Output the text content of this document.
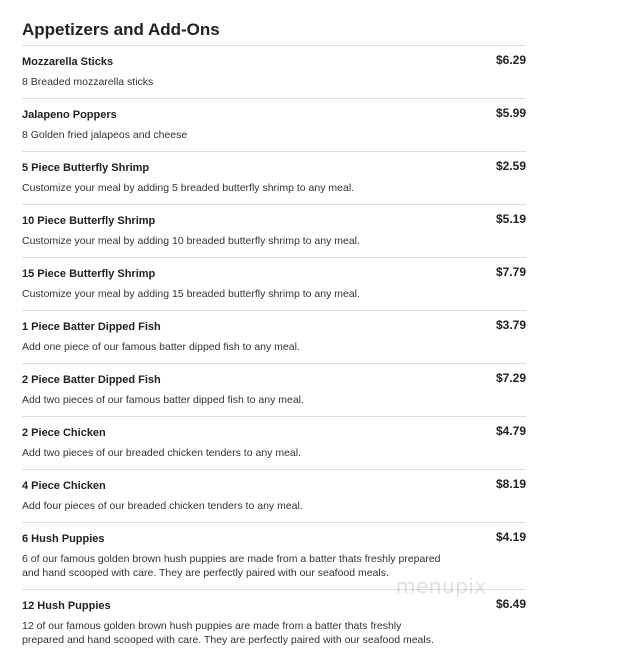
Appetizers and Add-Ons
Mozzarella Sticks	$6.29
8 Breaded mozzarella sticks
Jalapeno Poppers	$5.99
8 Golden fried jalapeos and cheese
5 Piece Butterfly Shrimp	$2.59
Customize your meal by adding 5 breaded butterfly shrimp to any meal.
10 Piece Butterfly Shrimp	$5.19
Customize your meal by adding 10 breaded butterfly shrimp to any meal.
15 Piece Butterfly Shrimp	$7.79
Customize your meal by adding 15 breaded butterfly shrimp to any meal.
1 Piece Batter Dipped Fish	$3.79
Add one piece of our famous batter dipped fish to any meal.
2 Piece Batter Dipped Fish	$7.29
Add two pieces of our famous batter dipped fish to any meal.
2 Piece Chicken	$4.79
Add two pieces of our breaded chicken tenders to any meal.
4 Piece Chicken	$8.19
Add four pieces of our breaded chicken tenders to any meal.
6 Hush Puppies	$4.19
6 of our famous golden brown hush puppies are made from a batter thats freshly prepared and hand scooped with care. They are perfectly paired with our seafood meals.
12 Hush Puppies	$6.49
12 of our famous golden brown hush puppies are made from a batter thats freshly prepared and hand scooped with care. They are perfectly paired with our seafood meals.
menupix
